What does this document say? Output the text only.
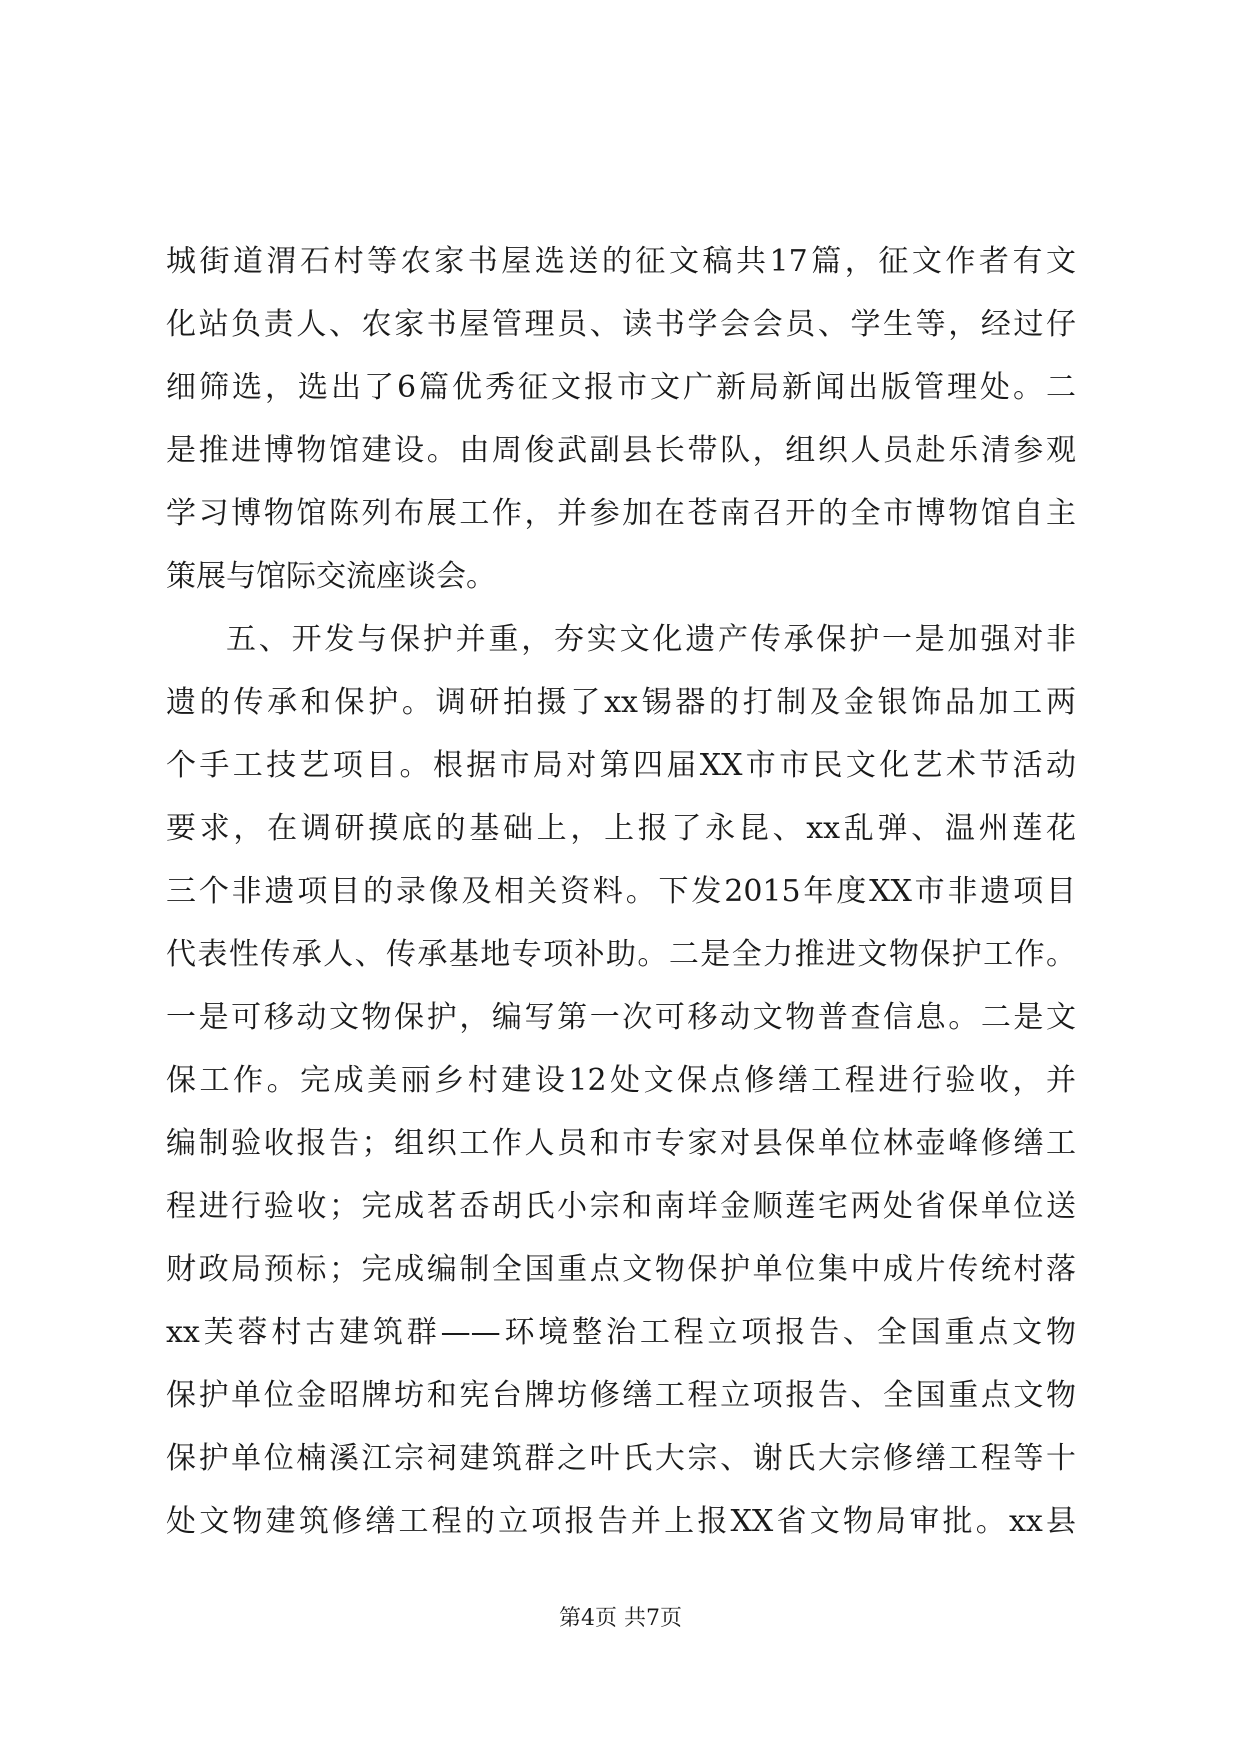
城街道渭石村等农家书屋选送的征文稿共17篇，征文作者有文
化站负责人、农家书屋管理员、读书学会会员、学生等，经过仔
细筛选，选出了6篇优秀征文报市文广新局新闻出版管理处。二
是推进博物馆建设。由周俊武副县长带队，组织人员赴乐清参观
学习博物馆陈列布展工作，并参加在苍南召开的全市博物馆自主
策展与馆际交流座谈会。
五、开发与保护并重，夯实文化遗产传承保护一是加强对非
遗的传承和保护。调研拍摄了xx锡器的打制及金银饰品加工两
个手工技艺项目。根据市局对第四届XX市市民文化艺术节活动
要求，在调研摸底的基础上，上报了永昆、xx乱弹、温州莲花
三个非遗项目的录像及相关资料。下发2015年度XX市非遗项目
代表性传承人、传承基地专项补助。二是全力推进文物保护工作。
一是可移动文物保护，编写第一次可移动文物普查信息。二是文
保工作。完成美丽乡村建设12处文保点修缮工程进行验收，并
编制验收报告；组织工作人员和市专家对县保单位林壶峰修缮工
程进行验收；完成茗岙胡氏小宗和南垟金顺莲宅两处省保单位送
财政局预标；完成编制全国重点文物保护单位集中成片传统村落
xx芙蓉村古建筑群——环境整治工程立项报告、全国重点文物
保护单位金昭牌坊和宪台牌坊修缮工程立项报告、全国重点文物
保护单位楠溪江宗祠建筑群之叶氏大宗、谢氏大宗修缮工程等十
处文物建筑修缮工程的立项报告并上报XX省文物局审批。xx县
第4页 共7页
